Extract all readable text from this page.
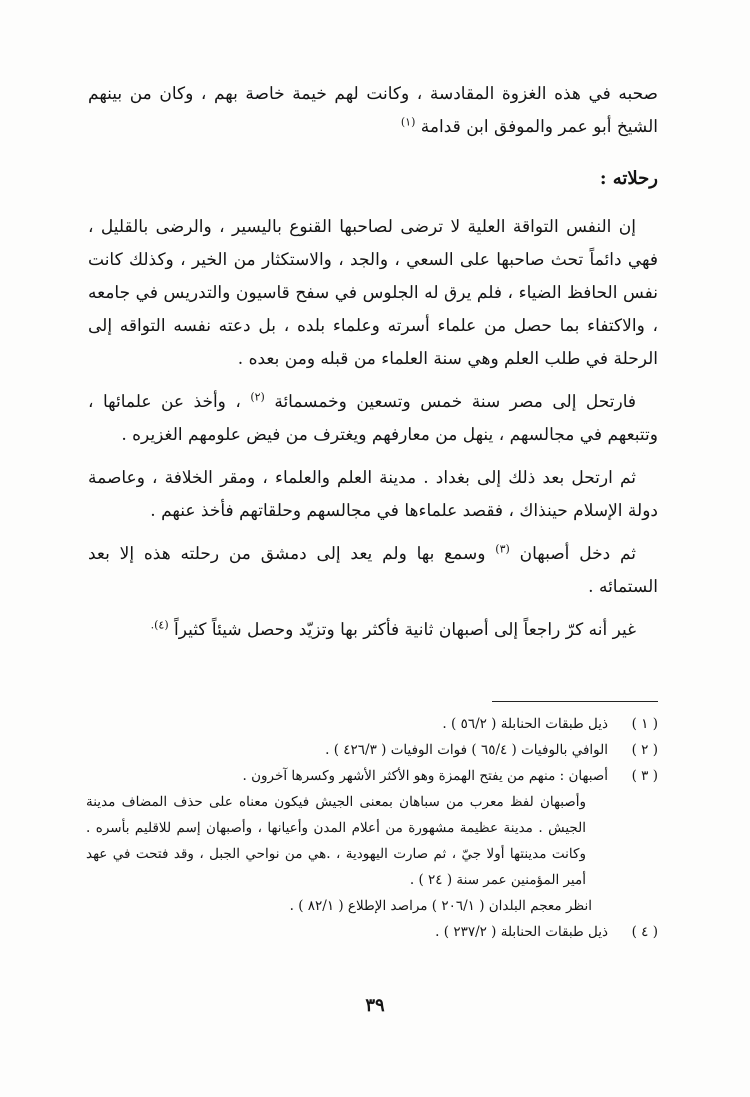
صحبه في هذه الغزوة المقادسة ، وكانت لهم خيمة خاصة بهم ، وكان من بينهم الشيخ أبو عمر والموفق ابن قدامة $^{(١)}$

رحلاته :

إن النفس التواقة العلية لا ترضى لصاحبها القنوع باليسير ، والرضى بالقليل ، فهي دائماً تحث صاحبها على السعي ، والجد ، والاستكثار من الخير ، وكذلك كانت نفس الحافظ الضياء ، فلم يرق له الجلوس في سفح قاسيون والتدريس في جامعه ، والاكتفاء بما حصل من علماء أسرته وعلماء بلده ، بل دعته نفسه التواقه إلى الرحلة في طلب العلم وهي سنة العلماء من قبله ومن بعده .

فارتحل إلى مصر سنة خمس وتسعين وخمسمائة $^{(٢)}$ ، وأخذ عن علمائها ، وتتبعهم في مجالسهم ، ينهل من معارفهم ويغترف من فيض علومهم الغزيره .

ثم ارتحل بعد ذلك إلى بغداد . مدينة العلم والعلماء ، ومقر الخلافة ، وعاصمة دولة الإسلام حينذاك ، فقصد علماءها في مجالسهم وحلقاتهم فأخذ عنهم .

ثم دخل أصبهان $^{(٣)}$ وسمع بها ولم يعد إلى دمشق من رحلته هذه إلا بعد الستمائه .

غير أنه كرّ راجعاً إلى أصبهان ثانية فأكثر بها وتزيّد وحصل شيئاً كثيراً $^{(٤).}$

( ١ )
ذيل طبقات الحنابلة ( ٥٦/٢ ) .
( ٢ )
الوافي بالوفيات ( ٦٥/٤ ) فوات الوفيات ( ٤٢٦/٣ ) .
( ٣ )
أصبهان : منهم من يفتح الهمزة وهو الأكثر الأشهر وكسرها آخرون .
وأصبهان لفظ معرب من سباهان بمعنى الجيش فيكون معناه على حذف المضاف مدينة الجيش . مدينة عظيمة مشهورة من أعلام المدن وأعيانها ، وأصبهان إسم للاقليم بأسره . وكانت مدينتها أولا جيّ ، ثم صارت اليهودية ، .هي من نواحي الجبل ، وقد فتحت في عهد أمير المؤمنين عمر سنة ( ٢٤ ) .
انظر معجم البلدان ( ٢٠٦/١ ) مراصد الإطلاع ( ٨٢/١ ) .
( ٤ )
ذيل طبقات الحنابلة ( ٢٣٧/٢ ) .
٣٩
